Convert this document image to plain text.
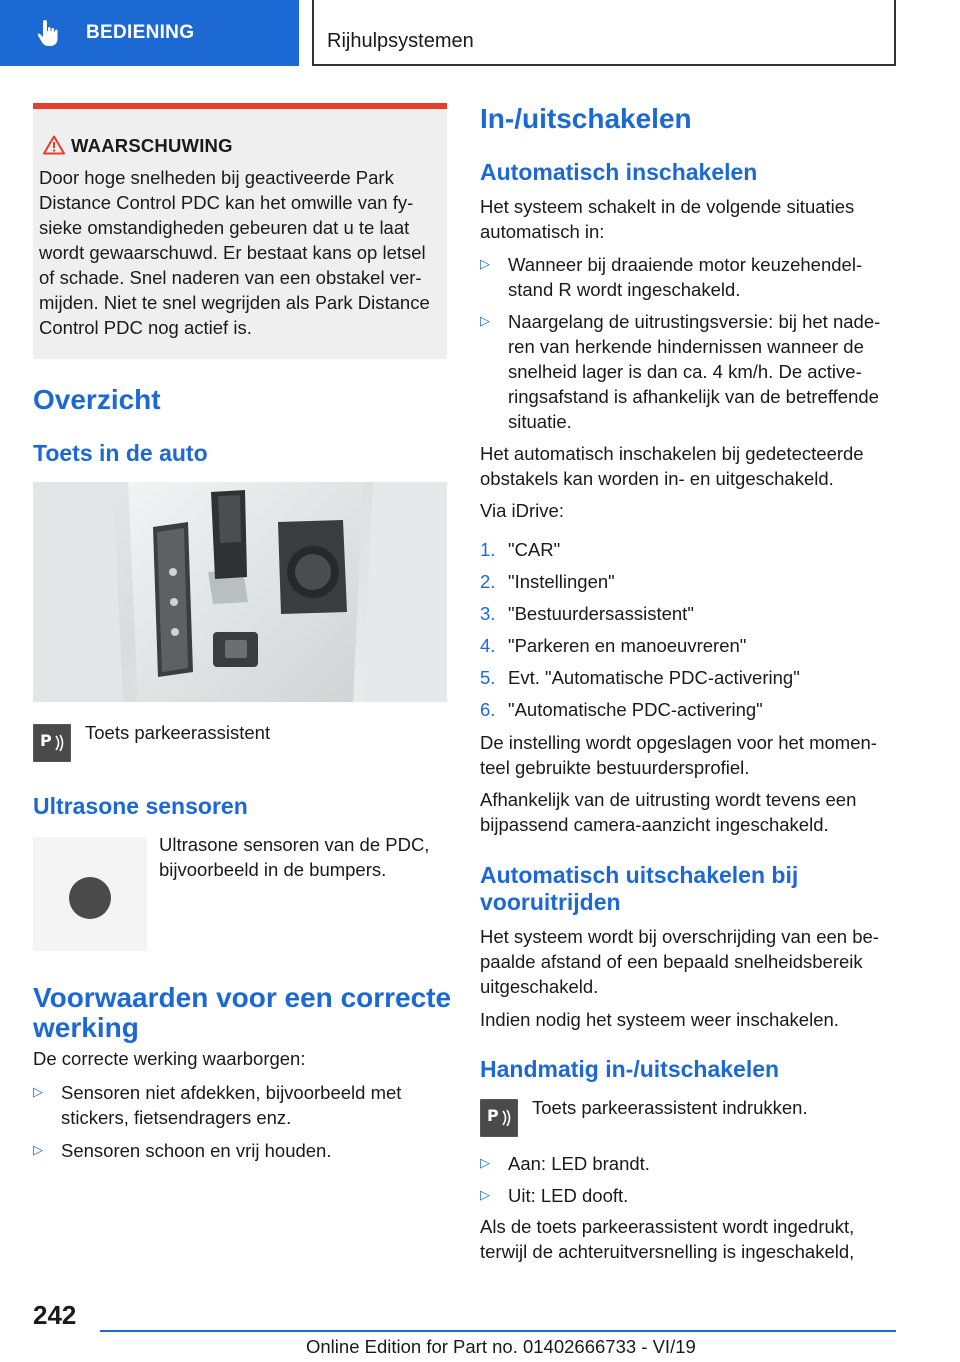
BEDIENING	Rijhulpsystemen
WAARSCHUWING
Door hoge snelheden bij geactiveerde Park
Distance Control PDC kan het omwille van fy-
sieke omstandigheden gebeuren dat u te laat
wordt gewaarschuwd. Er bestaat kans op letsel
of schade. Snel naderen van een obstakel ver-
mijden. Niet te snel wegrijden als Park Distance
Control PDC nog actief is.
Overzicht
Toets in de auto
P Toets parkeerassistent
Ultrasone sensoren
Ultrasone sensoren van de PDC,
bijvoorbeeld in de bumpers.
Voorwaarden voor een correcte
werking
De correcte werking waarborgen:
▷ Sensoren niet afdekken, bijvoorbeeld met
stickers, fietsendragers enz.
▷ Sensoren schoon en vrij houden.
In-/uitschakelen
Automatisch inschakelen
Het systeem schakelt in de volgende situaties
automatisch in:
▷ Wanneer bij draaiende motor keuzehendel-
stand R wordt ingeschakeld.
▷ Naargelang de uitrustingsversie: bij het nade-
ren van herkende hindernissen wanneer de
snelheid lager is dan ca. 4 km/h. De active-
ringsafstand is afhankelijk van de betreffende
situatie.
Het automatisch inschakelen bij gedetecteerde
obstakels kan worden in- en uitgeschakeld.
Via iDrive:
1. "CAR"
2. "Instellingen"
3. "Bestuurdersassistent"
4. "Parkeren en manoeuvreren"
5. Evt. "Automatische PDC-activering"
6. "Automatische PDC-activering"
De instelling wordt opgeslagen voor het momen-
teel gebruikte bestuurdersprofiel.
Afhankelijk van de uitrusting wordt tevens een
bijpassend camera-aanzicht ingeschakeld.
Automatisch uitschakelen bij
vooruitrijden
Het systeem wordt bij overschrijding van een be-
paalde afstand of een bepaald snelheidsbereik
uitgeschakeld.
Indien nodig het systeem weer inschakelen.
Handmatig in-/uitschakelen
P Toets parkeerassistent indrukken.
▷ Aan: LED brandt.
▷ Uit: LED dooft.
Als de toets parkeerassistent wordt ingedrukt,
terwijl de achteruitversnelling is ingeschakeld,
242
Online Edition for Part no. 01402666733 - VI/19
